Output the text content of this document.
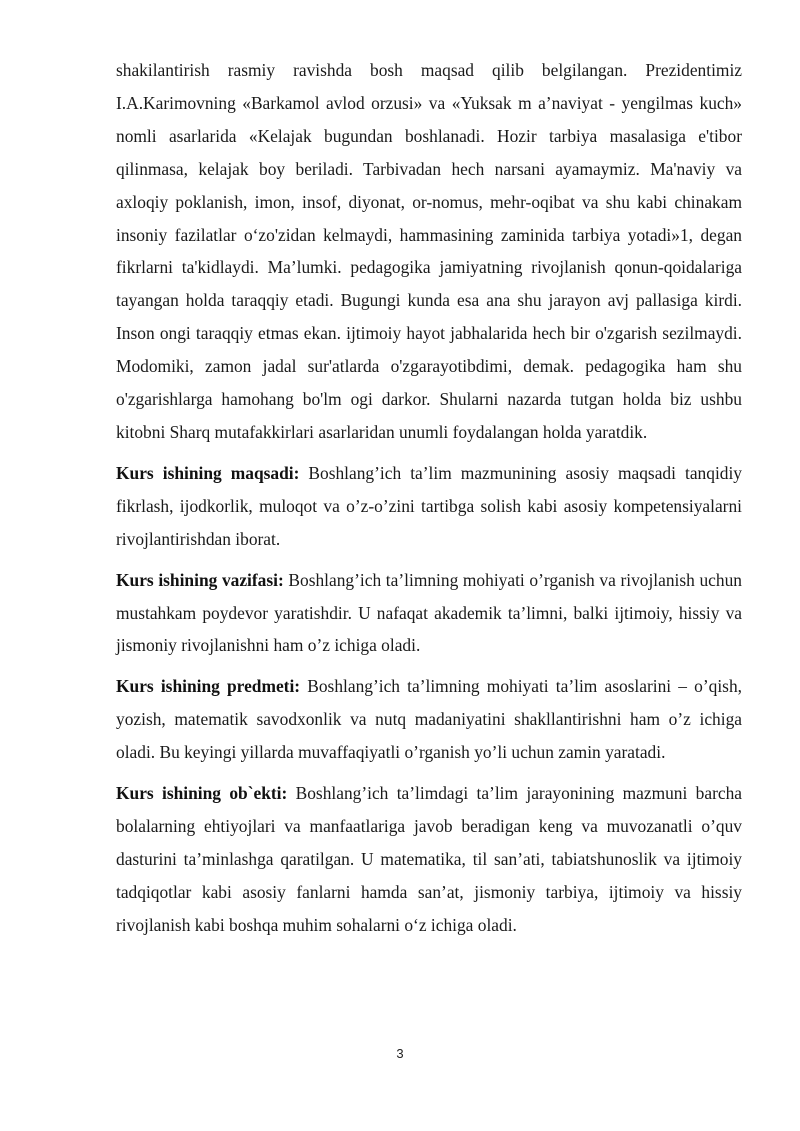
shakilantirish rasmiy ravishda bosh maqsad qilib belgilangan. Prezidentimiz I.A.Karimovning «Barkamol avlod orzusi» va «Yuksak m a’naviyat - yengilmas kuch» nomli asarlarida «Kelajak bugundan boshlanadi. Hozir tarbiya masalasiga e'tibor qilinmasa, kelajak boy beriladi. Tarbivadan hech narsani ayamaymiz. Ma'naviy va axloqiy poklanish, imon, insof, diyonat, or-nomus, mehr-oqibat va shu kabi chinakam insoniy fazilatlar o‘zo'zidan kelmaydi, hammasining zaminida tarbiya yotadi»1, degan fikrlarni ta'kidlaydi. Ma’lumki. pedagogika jamiyatning rivojlanish qonun-qoidalariga tayangan holda taraqqiy etadi. Bugungi kunda esa ana shu jarayon avj pallasiga kirdi. Inson ongi taraqqiy etmas ekan. ijtimoiy hayot jabhalarida hech bir o'zgarish sezilmaydi. Modomiki, zamon jadal sur'atlarda o'zgarayotibdimi, demak. pedagogika ham shu o'zgarishlarga hamohang bo'lm ogi darkor. Shularni nazarda tutgan holda biz ushbu kitobni Sharq mutafakkirlari asarlaridan unumli foydalangan holda yaratdik.

Kurs ishining maqsadi: Boshlang’ich ta’lim mazmunining asosiy maqsadi tanqidiy fikrlash, ijodkorlik, muloqot va o’z-o’zini tartibga solish kabi asosiy kompetensiyalarni rivojlantirishdan iborat.

Kurs ishining vazifasi: Boshlang’ich ta’limning mohiyati o’rganish va rivojlanish uchun mustahkam poydevor yaratishdir. U nafaqat akademik ta’limni, balki ijtimoiy, hissiy va jismoniy rivojlanishni ham o’z ichiga oladi.

Kurs ishining predmeti: Boshlang’ich ta’limning mohiyati ta’lim asoslarini – o’qish, yozish, matematik savodxonlik va nutq madaniyatini shakllantirishni ham o’z ichiga oladi. Bu keyingi yillarda muvaffaqiyatli o’rganish yo’li uchun zamin yaratadi.

Kurs ishining ob`ekti: Boshlang’ich ta’limdagi ta’lim jarayonining mazmuni barcha bolalarning ehtiyojlari va manfaatlariga javob beradigan keng va muvozanatli o’quv dasturini ta’minlashga qaratilgan. U matematika, til san’ati, tabiatshunoslik va ijtimoiy tadqiqotlar kabi asosiy fanlarni hamda san’at, jismoniy tarbiya, ijtimoiy va hissiy rivojlanish kabi boshqa muhim sohalarni o‘z ichiga oladi.

3
